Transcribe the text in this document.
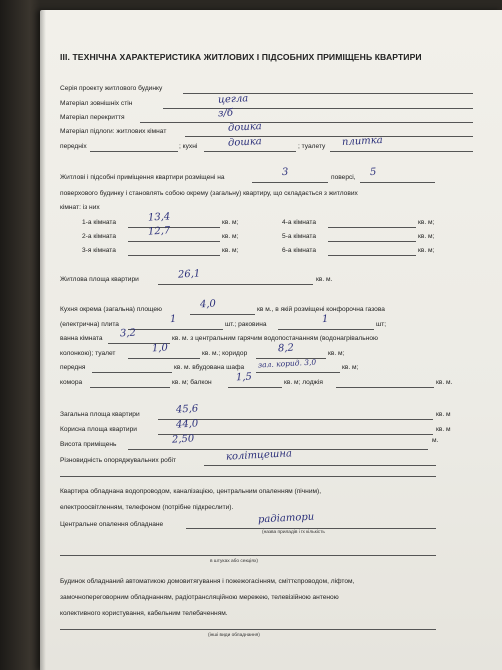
ІІІ. ТЕХНІЧНА ХАРАКТЕРИСТИКА ЖИТЛОВИХ І ПІДСОБНИХ ПРИМІЩЕНЬ КВАРТИРИ
Серія проекту житлового будинку
Матеріал зовнішніх стін	цегла
Матеріал перекриття	з/б
Матеріал підлоги: житлових кімнат	дошка
передніх	; кухні	дошка	; туалету плитка
Житлові і підсобні приміщення квартири розміщені на	3	поверсі, 5
поверхового будинку і становлять собою окрему (загальну) квартиру, що складається з житлових
кімнат: із них
1-а кімната	13,4	кв. м;
2-а кімната	12,7	кв. м;
3-я кімната	кв. м;
4-а кімната	кв. м;
5-а кімната	кв. м;
6-а кімната	кв. м;
Житлова площа квартири	26,1	кв. м.
Кухня окрема (загальна) площею	4,0	кв м., в якій розміщені конфорочна газова
(електрична) плита	1	шт.; раковина	1	шт;
ванна кімната 3,2	кв. м. з центральним гарячим водопостачанням (водонагрівальною
колонкою); туалет	1,0	кв. м.; коридор	8,2	кв. м;
передня	кв. м. вбудована шафа зал. корид. 3,0	кв. м;
комора	кв. м; балкон 1,5	кв. м; лоджія	кв. м.
Загальна площа квартири	45,6	кв. м
Корисна площа квартири	44,0	кв. м
Висота приміщень	2,50	м.
Різновидність опоряджувальних робіт	колітцешна
Квартира обладнана водопроводом, каналізацією, центральним опаленням (пічним),
електроосвітленням, телефоном (потрібне підкреслити).
Центральне опалення обладнане	радіатори
(назва приладів і їх кількість
в штуках або секціях)
Будинок обладнаний автоматикою домовитягування і пожежогасінням, сміттєпроводом, ліфтом,
замочнопереговорним обладнанням, радіотрансляційною мережею, телевізійною антеною
колективного користування, кабельним телебаченням.
(інші види обладнання)
